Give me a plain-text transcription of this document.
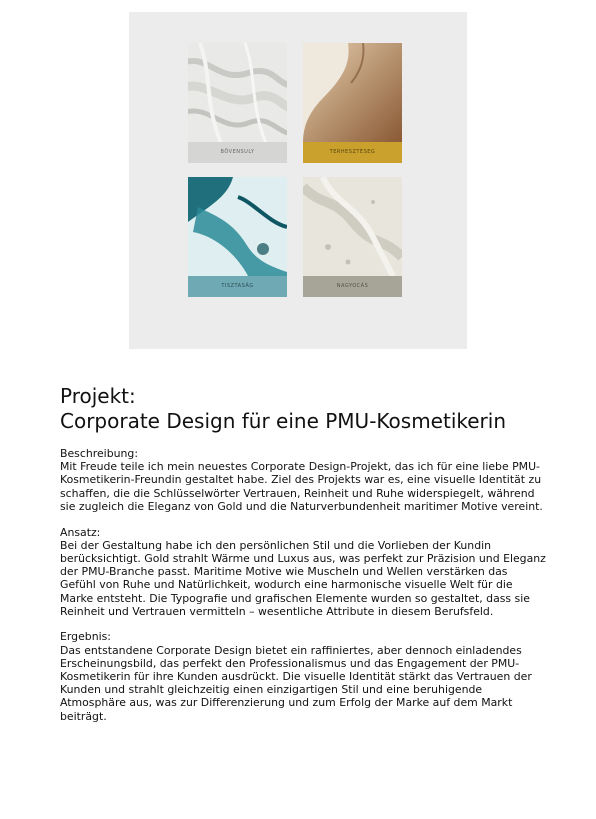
BÖVENSULY	TERHESZTÉSEG
TISZTASÁG	NAGYOCÁS
Projekt:
Corporate Design für eine PMU-Kosmetikerin

Beschreibung:
Mit Freude teile ich mein neuestes Corporate Design-Projekt, das ich für eine liebe PMU-Kosmetikerin-Freundin gestaltet habe. Ziel des Projekts war es, eine visuelle Identität zu schaffen, die die Schlüsselwörter Vertrauen, Reinheit und Ruhe widerspiegelt, während sie zugleich die Eleganz von Gold und die Naturverbundenheit maritimer Motive vereint.

Ansatz:
Bei der Gestaltung habe ich den persönlichen Stil und die Vorlieben der Kundin berücksichtigt. Gold strahlt Wärme und Luxus aus, was perfekt zur Präzision und Eleganz der PMU-Branche passt. Maritime Motive wie Muscheln und Wellen verstärken das Gefühl von Ruhe und Natürlichkeit, wodurch eine harmonische visuelle Welt für die Marke entsteht. Die Typografie und grafischen Elemente wurden so gestaltet, dass sie Reinheit und Vertrauen vermitteln – wesentliche Attribute in diesem Berufsfeld.

Ergebnis:
Das entstandene Corporate Design bietet ein raffiniertes, aber dennoch einladendes Erscheinungsbild, das perfekt den Professionalismus und das Engagement der PMU-Kosmetikerin für ihre Kunden ausdrückt. Die visuelle Identität stärkt das Vertrauen der Kunden und strahlt gleichzeitig einen einzigartigen Stil und eine beruhigende Atmosphäre aus, was zur Differenzierung und zum Erfolg der Marke auf dem Markt beiträgt.
